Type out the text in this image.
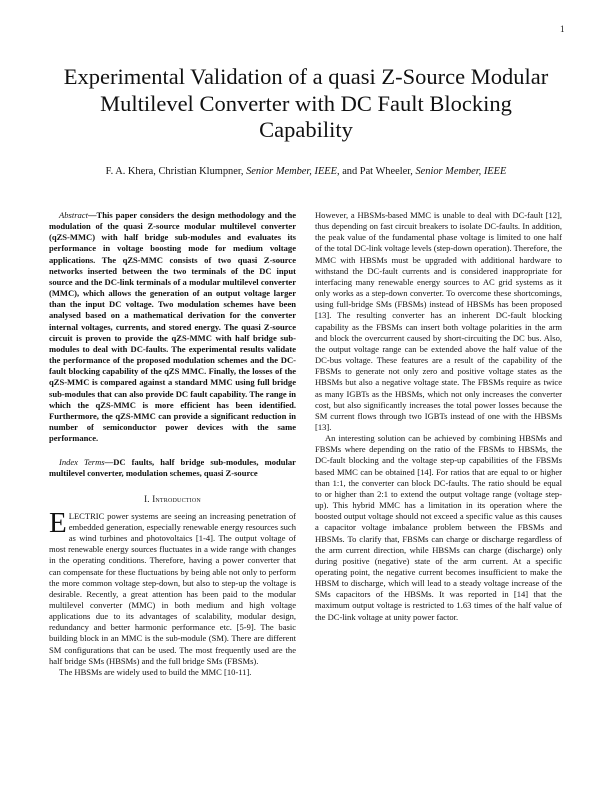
1
Experimental Validation of a quasi Z-Source Modular Multilevel Converter with DC Fault Blocking Capability
F. A. Khera, Christian Klumpner, Senior Member, IEEE, and Pat Wheeler, Senior Member, IEEE

Abstract—This paper considers the design methodology and the modulation of the quasi Z-source modular multilevel converter (qZS-MMC) with half bridge sub-modules and evaluates its performance in voltage boosting mode for medium voltage applications. The qZS-MMC consists of two quasi Z-source networks inserted between the two terminals of the DC input source and the DC-link terminals of a modular multilevel converter (MMC), which allows the generation of an output voltage larger than the input DC voltage. Two modulation schemes have been analysed based on a mathematical derivation for the converter internal voltages, currents, and stored energy. The quasi Z-source circuit is proven to provide the qZS-MMC with half bridge sub-modules to deal with DC-faults. The experimental results validate the performance of the proposed modulation schemes and the DC-fault blocking capability of the qZS MMC. Finally, the losses of the qZS-MMC is compared against a standard MMC using full bridge sub-modules that can also provide DC fault capability. The range in which the qZS-MMC is more efficient has been identified. Furthermore, the qZS-MMC can provide a significant reduction in number of semiconductor power devices with the same performance.

Index Terms—DC faults, half bridge sub-modules, modular multilevel converter, modulation schemes, quasi Z-source

I. Introduction

ELECTRIC power systems are seeing an increasing penetration of embedded generation, especially renewable energy resources such as wind turbines and photovoltaics [1-4]. The output voltage of most renewable energy sources fluctuates in a wide range with changes in the operating conditions. Therefore, having a power converter that can compensate for these fluctuations by being able not only to perform the more common voltage step-down, but also to step-up the voltage is desirable. Recently, a great attention has been paid to the modular multilevel converter (MMC) in both medium and high voltage applications due to its advantages of scalability, modular design, redundancy and better harmonic performance etc. [5-9]. The basic building block in an MMC is the sub-module (SM). There are different SM configurations that can be used. The most frequently used are the half bridge SMs (HBSMs) and the full bridge SMs (FBSMs).

The HBSMs are widely used to build the MMC [10-11].

However, a HBSMs-based MMC is unable to deal with DC-fault [12], thus depending on fast circuit breakers to isolate DC-faults. In addition, the peak value of the fundamental phase voltage is limited to one half of the total DC-link voltage levels (step-down operation). Therefore, the MMC with HBSMs must be upgraded with additional hardware to withstand the DC-fault currents and is considered inappropriate for interfacing many renewable energy sources to AC grid systems as it only works as a step-down converter. To overcome these shortcomings, using full-bridge SMs (FBSMs) instead of HBSMs has been proposed [13]. The resulting converter has an inherent DC-fault blocking capability as the FBSMs can insert both voltage polarities in the arm and block the overcurrent caused by short-circuiting the DC bus. Also, the output voltage range can be extended above the half value of the DC-bus voltage. These features are a result of the capability of the FBSMs to generate not only zero and positive voltage states as the HBSMs but also a negative voltage state. The FBSMs require as twice as many IGBTs as the HBSMs, which not only increases the converter cost, but also significantly increases the total power losses because the SM current flows through two IGBTs instead of one with the HBSMs [13].

An interesting solution can be achieved by combining HBSMs and FBSMs where depending on the ratio of the FBSMs to HBSMs, the DC-fault blocking and the voltage step-up capabilities of the FBSMs based MMC can be obtained [14]. For ratios that are equal to or higher than 1:1, the converter can block DC-faults. The ratio should be equal to or higher than 2:1 to extend the output voltage range (voltage step-up). This hybrid MMC has a limitation in its operation where the boosted output voltage should not exceed a specific value as this causes a capacitor voltage imbalance problem between the FBSMs and HBSMs. To clarify that, FBSMs can charge or discharge regardless of the arm current direction, while HBSMs can charge (discharge) only during positive (negative) state of the arm current. At a specific operating point, the negative current becomes insufficient to make the HBSM to discharge, which will lead to a steady voltage increase of the SMs capacitors of the HBSMs. It was reported in [14] that the maximum output voltage is restricted to 1.63 times of the half value of the DC-link voltage at unity power factor.
